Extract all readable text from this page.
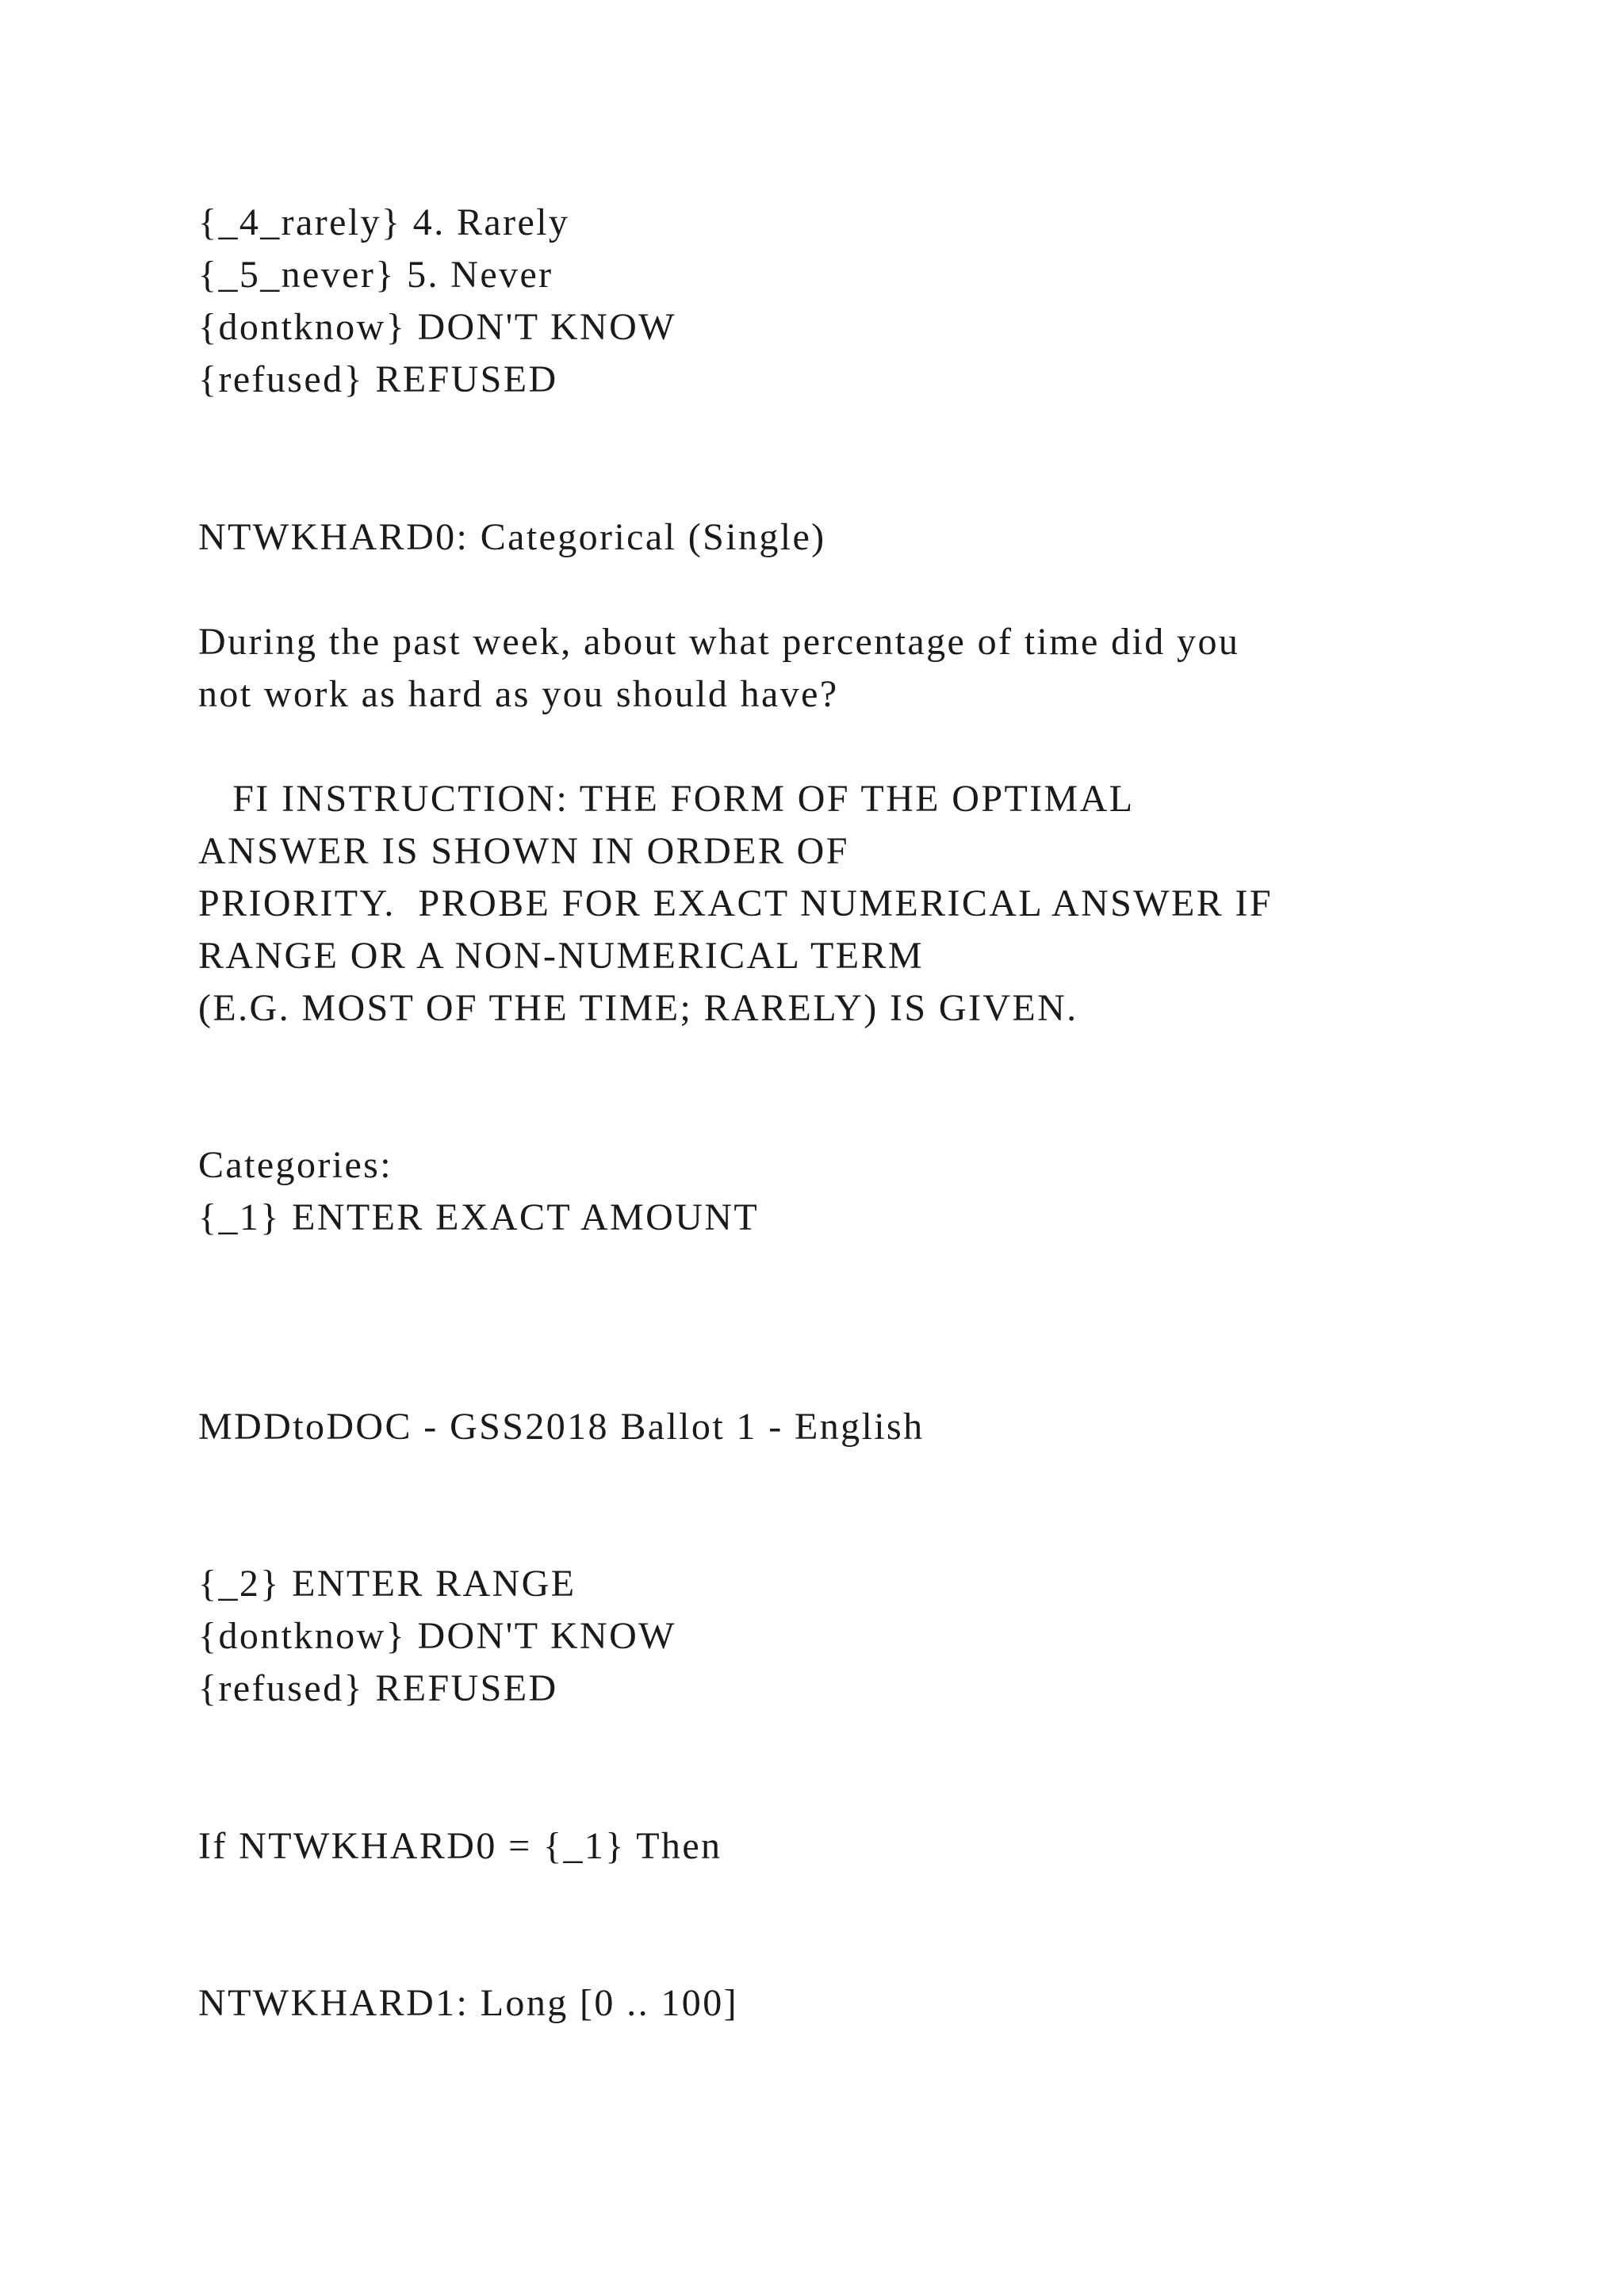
{_4_rarely} 4. Rarely

{_5_never} 5. Never

{dontknow} DON'T KNOW

{refused} REFUSED

NTWKHARD0: Categorical (Single)

During the past week, about what percentage of time did you

not work as hard as you should have?

FI INSTRUCTION: THE FORM OF THE OPTIMAL

ANSWER IS SHOWN IN ORDER OF

PRIORITY.  PROBE FOR EXACT NUMERICAL ANSWER IF

RANGE OR A NON-NUMERICAL TERM

(E.G. MOST OF THE TIME; RARELY) IS GIVEN.

Categories:

{_1} ENTER EXACT AMOUNT

MDDtoDOC - GSS2018 Ballot 1 - English

{_2} ENTER RANGE

{dontknow} DON'T KNOW

{refused} REFUSED

If NTWKHARD0 = {_1} Then

NTWKHARD1: Long [0 .. 100]
